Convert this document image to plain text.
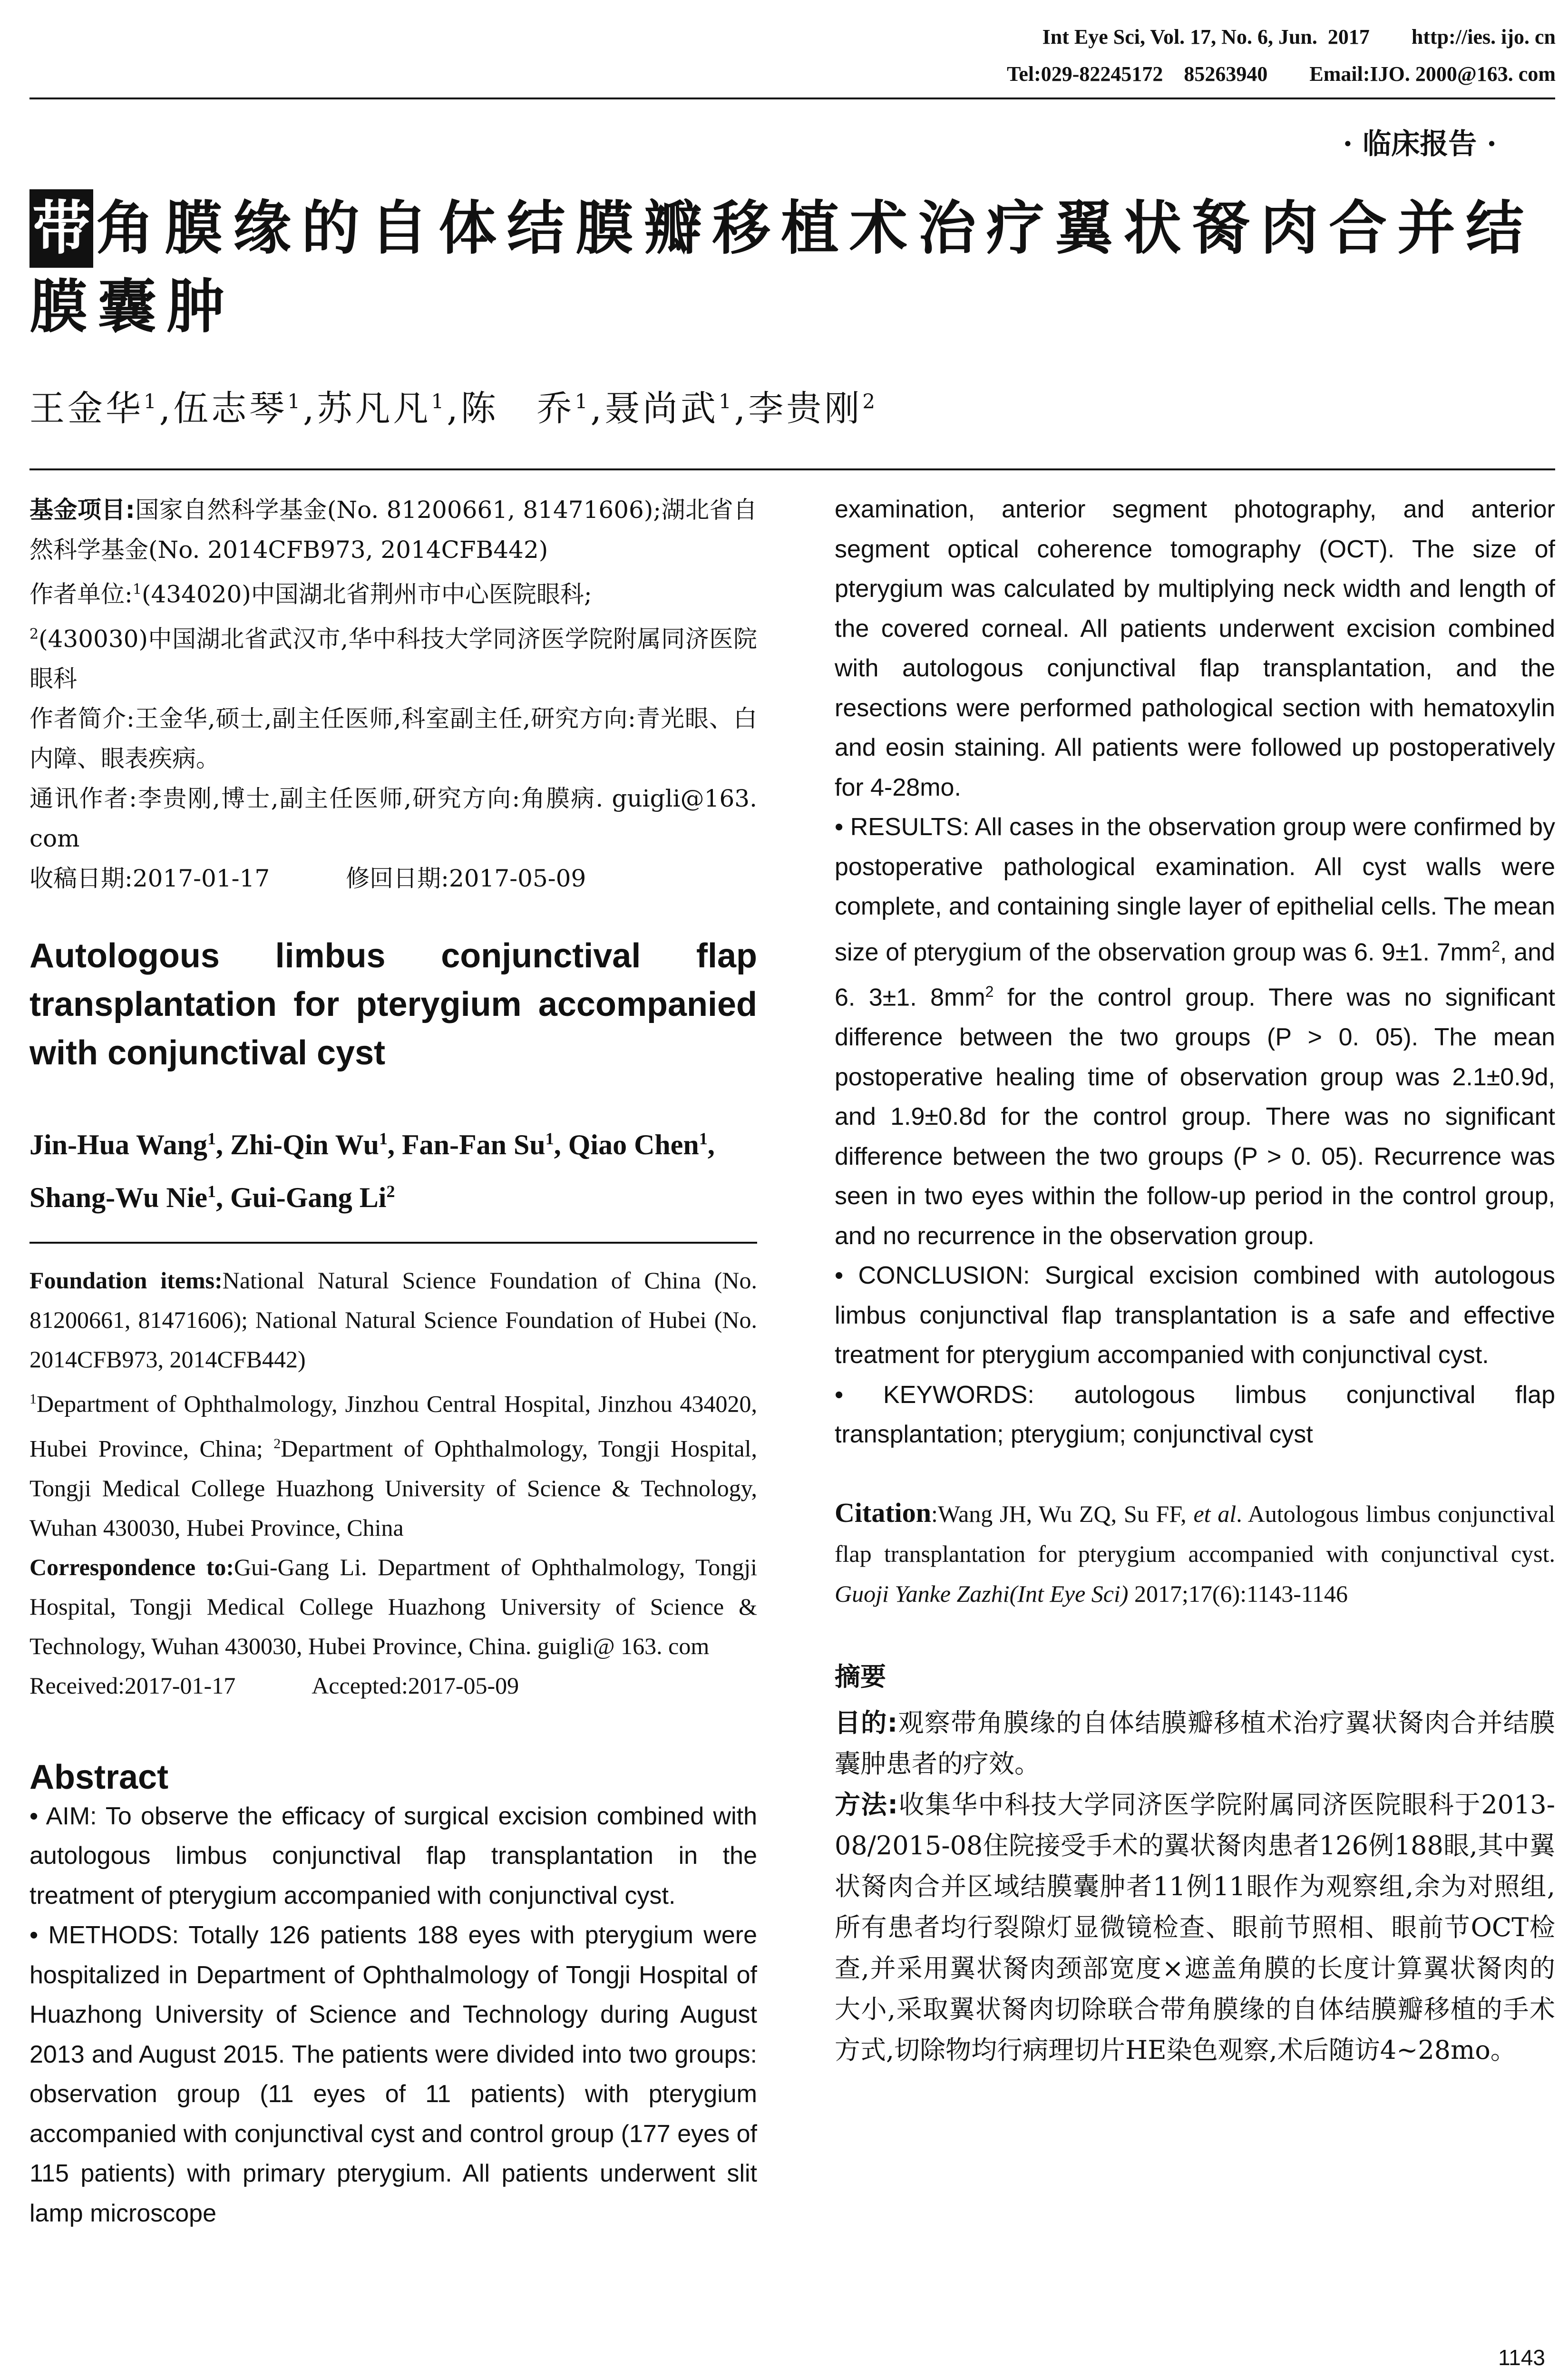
Int Eye Sci, Vol. 17, No. 6, Jun.  2017        http://ies. ijo. cn
Tel:029-82245172    85263940        Email:IJO. 2000@163. com
· 临床报告 ·
带角膜缘的自体结膜瓣移植术治疗翼状胬肉合并结膜囊肿
王金华$^1$,伍志琴$^1$,苏凡凡$^1$,陈　乔$^1$,聂尚武$^1$,李贵刚$^2$

基金项目:国家自然科学基金(No. 81200661, 81471606);湖北省自然科学基金(No. 2014CFB973, 2014CFB442)

作者单位:$^1$(434020)中国湖北省荆州市中心医院眼科;
$^2$(430030)中国湖北省武汉市,华中科技大学同济医学院附属同济医院眼科

作者简介:王金华,硕士,副主任医师,科室副主任,研究方向:青光眼、白内障、眼表疾病。

通讯作者:李贵刚,博士,副主任医师,研究方向:角膜病. guigli@163. com

收稿日期:2017-01-17	修回日期:2017-05-09

Autologous limbus conjunctival flap transplantation for pterygium accompanied with conjunctival cyst
Jin-Hua Wang$^1$, Zhi-Qin Wu$^1$, Fan-Fan Su$^1$, Qiao Chen$^1$, Shang-Wu Nie$^1$, Gui-Gang Li$^2$

Foundation items:National Natural Science Foundation of China (No. 81200661, 81471606); National Natural Science Foundation of Hubei (No. 2014CFB973, 2014CFB442)

$^1$Department of Ophthalmology, Jinzhou Central Hospital, Jinzhou 434020, Hubei Province, China; $^2$Department of Ophthalmology, Tongji Hospital, Tongji Medical College Huazhong University of Science & Technology, Wuhan 430030, Hubei Province, China

Correspondence to:Gui-Gang Li. Department of Ophthalmology, Tongji Hospital, Tongji Medical College Huazhong University of Science & Technology, Wuhan 430030, Hubei Province, China. guigli@ 163. com

Received:2017-01-17	Accepted:2017-05-09

Abstract

• AIM: To observe the efficacy of surgical excision combined with autologous limbus conjunctival flap transplantation in the treatment of pterygium accompanied with conjunctival cyst.

• METHODS: Totally 126 patients 188 eyes with pterygium were hospitalized in Department of Ophthalmology of Tongji Hospital of Huazhong University of Science and Technology during August 2013 and August 2015. The patients were divided into two groups: observation group (11 eyes of 11 patients) with pterygium accompanied with conjunctival cyst and control group (177 eyes of 115 patients) with primary pterygium. All patients underwent slit lamp microscope

examination, anterior segment photography, and anterior segment optical coherence tomography (OCT). The size of pterygium was calculated by multiplying neck width and length of the covered corneal. All patients underwent excision combined with autologous conjunctival flap transplantation, and the resections were performed pathological section with hematoxylin and eosin staining. All patients were followed up postoperatively for 4-28mo.

• RESULTS: All cases in the observation group were confirmed by postoperative pathological examination. All cyst walls were complete, and containing single layer of epithelial cells. The mean size of pterygium of the observation group was 6. 9±1. $7mm^2$, and 6. 3±1. $8mm^2$ for the control group. There was no significant difference between the two groups (P > 0. 05). The mean postoperative healing time of observation group was 2.1±0.9d, and 1.9±0.8d for the control group. There was no significant difference between the two groups (P > 0. 05). Recurrence was seen in two eyes within the follow-up period in the control group, and no recurrence in the observation group.

• CONCLUSION: Surgical excision combined with autologous limbus conjunctival flap transplantation is a safe and effective treatment for pterygium accompanied with conjunctival cyst.

• KEYWORDS: autologous limbus conjunctival flap transplantation; pterygium; conjunctival cyst

Citation:Wang JH, Wu ZQ, Su FF, et al. Autologous limbus conjunctival flap transplantation for pterygium accompanied with conjunctival cyst. Guoji Yanke Zazhi(Int Eye Sci) 2017;17(6):1143-1146
摘要

目的:观察带角膜缘的自体结膜瓣移植术治疗翼状胬肉合并结膜囊肿患者的疗效。

方法:收集华中科技大学同济医学院附属同济医院眼科于2013-08/2015-08住院接受手术的翼状胬肉患者126例188眼,其中翼状胬肉合并区域结膜囊肿者11例11眼作为观察组,余为对照组,所有患者均行裂隙灯显微镜检查、眼前节照相、眼前节OCT检查,并采用翼状胬肉颈部宽度×遮盖角膜的长度计算翼状胬肉的大小,采取翼状胬肉切除联合带角膜缘的自体结膜瓣移植的手术方式,切除物均行病理切片HE染色观察,术后随访4~28mo。

1143
